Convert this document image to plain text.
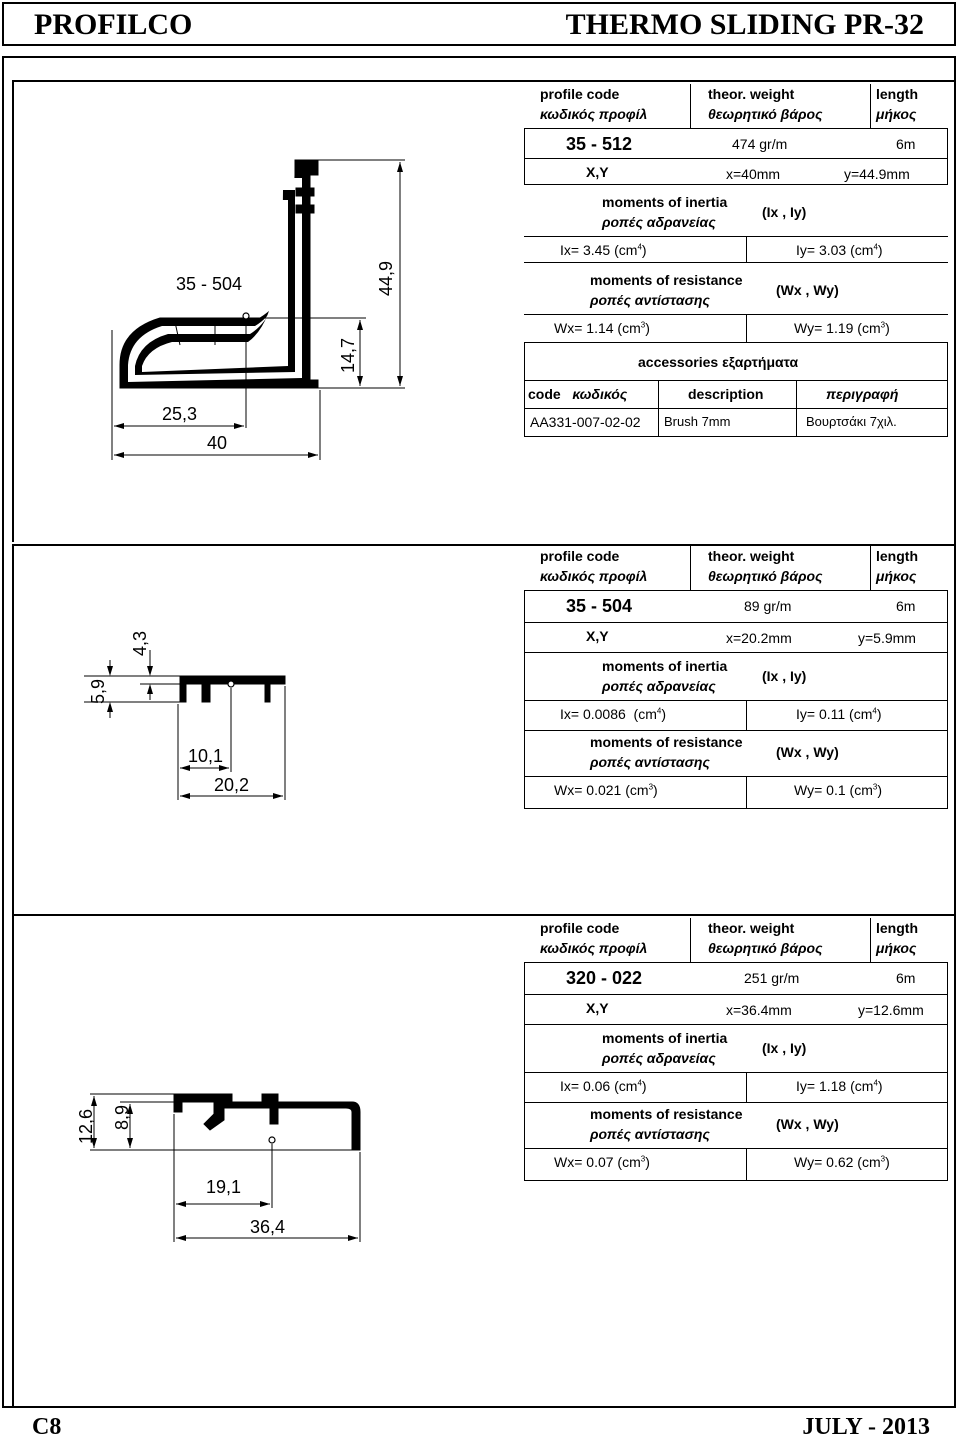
PROFILCO	THERMO SLIDING PR-32
35 - 504	44,9
14,7
25,3
40
4,3
5,9
10,1
20,2
12,6 8,9
19,1
36,4
profile code
κωδικός προφίλ
theor. weight
θεωρητικό βάρος
length
μήκος
35 - 512	474 gr/m	6m
X,Y	x=40mm	y=44.9mm
moments of inertia
ροπές αδρανείας
(Ix , Iy)
Ix= 3.45 $(cm^4)$	Iy= 3.03 $(cm^4)$
moments of resistance
ροπές αντίστασης
(Wx , Wy)
Wx= 1.14 $(cm^3)$	Wy= 1.19 $(cm^3)$
accessories εξαρτήματα
code κωδικός	description	περιγραφή
AA331-007-02-02 Brush 7mm	Βουρτσάκι 7χιλ.
profile code
κωδικός προφίλ
theor. weight
θεωρητικό βάρος
length
μήκος
35 - 504	89 gr/m	6m
X,Y	x=20.2mm	y=5.9mm
moments of inertia
ροπές αδρανείας
(Ix , Iy)
Ix= 0.0086  $(cm^4)$	Iy= 0.11 $(cm^4)$
moments of resistance
ροπές αντίστασης
(Wx , Wy)
Wx= 0.021 $(cm^3)$	Wy= 0.1 $(cm^3)$
profile code
κωδικός προφίλ
theor. weight
θεωρητικό βάρος
length
μήκος
320 - 022	251 gr/m	6m
X,Y	x=36.4mm	y=12.6mm
moments of inertia
ροπές αδρανείας
(Ix , Iy)
Ix= 0.06 $(cm^4)$	Iy= 1.18 $(cm^4)$
moments of resistance
ροπές αντίστασης
(Wx , Wy)
Wx= 0.07 $(cm^3)$	Wy= 0.62 $(cm^3)$
C8	JULY - 2013
